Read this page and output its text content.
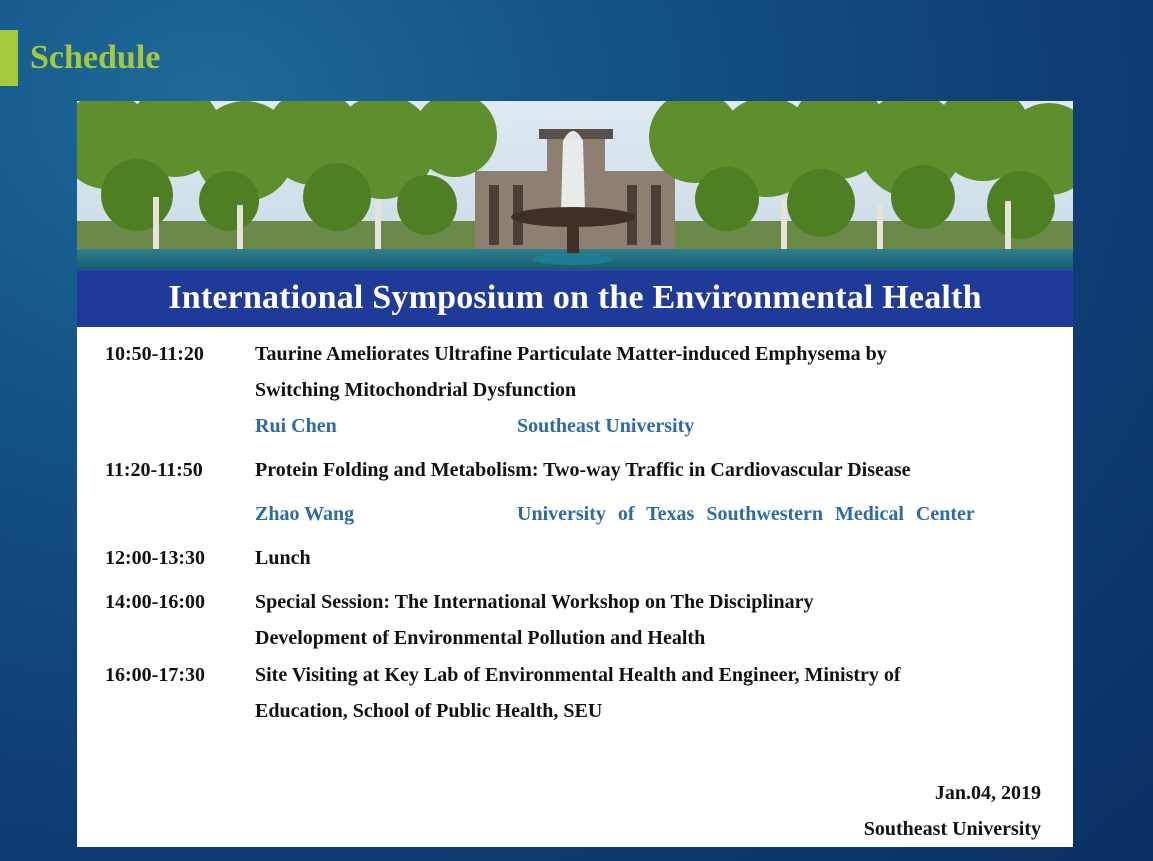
Schedule
International Symposium on the Environmental Health
10:50-11:20	Taurine Ameliorates Ultrafine Particulate Matter-induced Emphysema by
Switching Mitochondrial Dysfunction
Rui Chen	Southeast University
11:20-11:50	Protein Folding and Metabolism: Two-way Traffic in Cardiovascular Disease
Zhao Wang	University of Texas Southwestern Medical Center
12:00-13:30	Lunch
14:00-16:00	Special Session: The International Workshop on The Disciplinary
Development of Environmental Pollution and Health
16:00-17:30	Site Visiting at Key Lab of Environmental Health and Engineer, Ministry of
Education, School of Public Health, SEU
Jan.04, 2019
Southeast University
